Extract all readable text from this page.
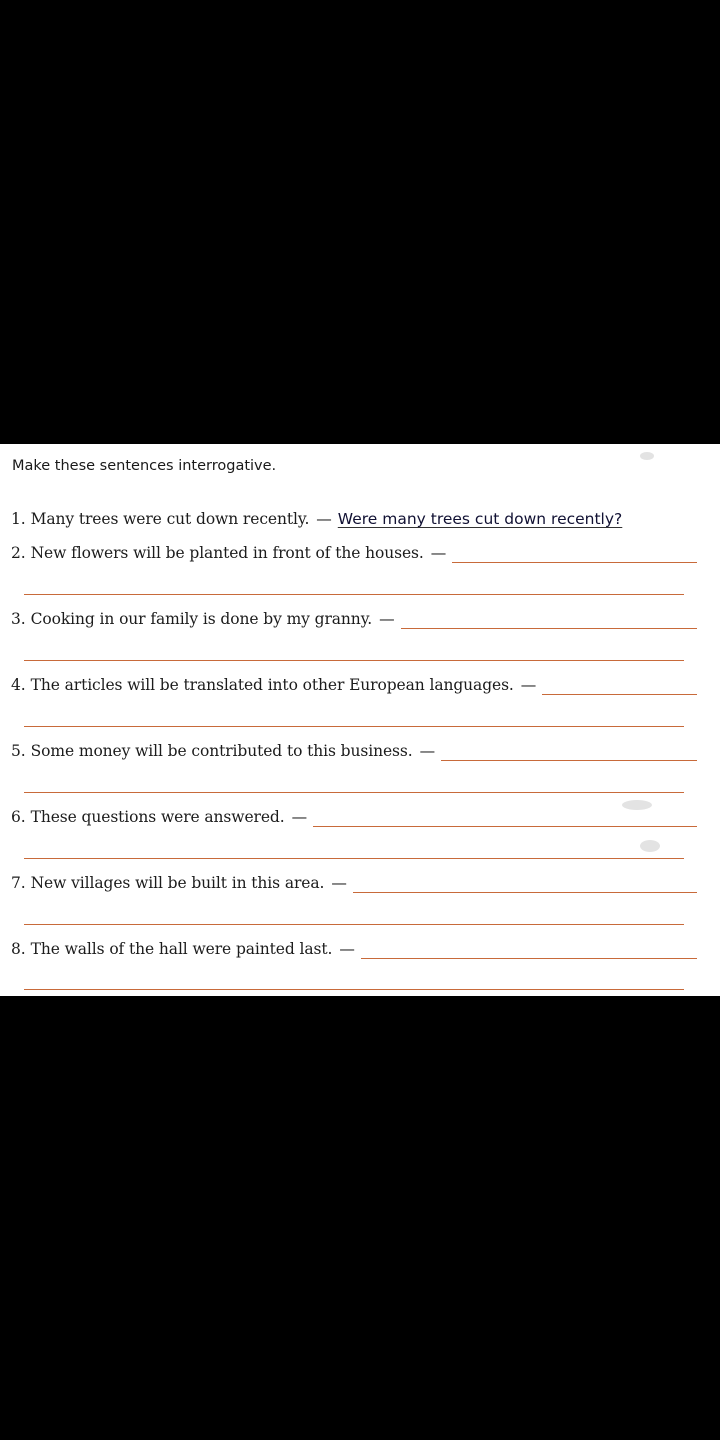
Make these sentences interrogative.
1. Many trees were cut down recently. — Were many trees cut down recently?
2. New flowers will be planted in front of the houses. —
3. Cooking in our family is done by my granny. —
4. The articles will be translated into other European languages. —
5. Some money will be contributed to this business. —
6. These questions were answered. —
7. New villages will be built in this area. —
8. The walls of the hall were painted last. —
